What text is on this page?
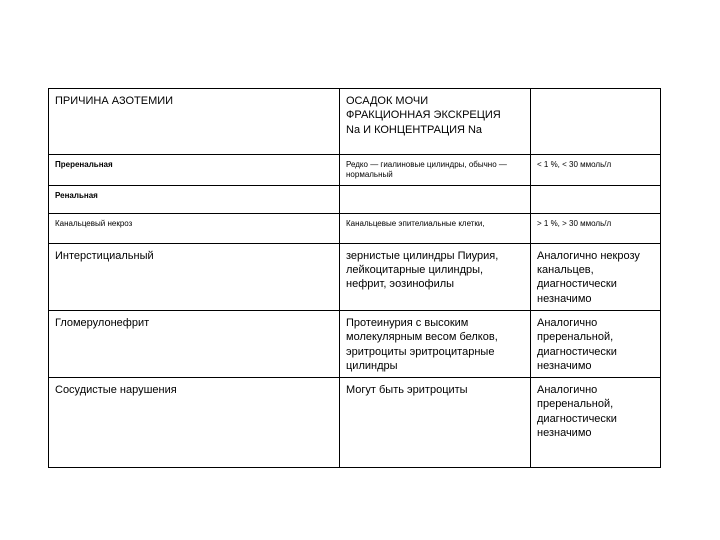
ПРИЧИНА АЗОТЕМИИ	ОСАДОК МОЧИ
ФРАКЦИОННАЯ ЭКСКРЕЦИЯ
Na И КОНЦЕНТРАЦИЯ Na	

Преренальная	Редко — гиалиновые цилиндры, обычно — нормальный	< 1 %, < 30 ммоль/л
Ренальная		
Канальцевый некроз	Канальцевые эпителиальные клетки,	> 1 %, > 30 ммоль/л
Интерстициальный	зернистые цилиндры Пиурия, лейкоцитарные цилиндры, нефрит, эозинофилы	Аналогично некрозу канальцев, диагностически незначимо
Гломерулонефрит	Протеинурия с высоким молекулярным весом белков, эритроциты эритроцитарные цилиндры	Аналогично преренальной, диагностически незначимо
Сосудистые нарушения	Могут быть эритроциты	Аналогично преренальной, диагностически незначимо
